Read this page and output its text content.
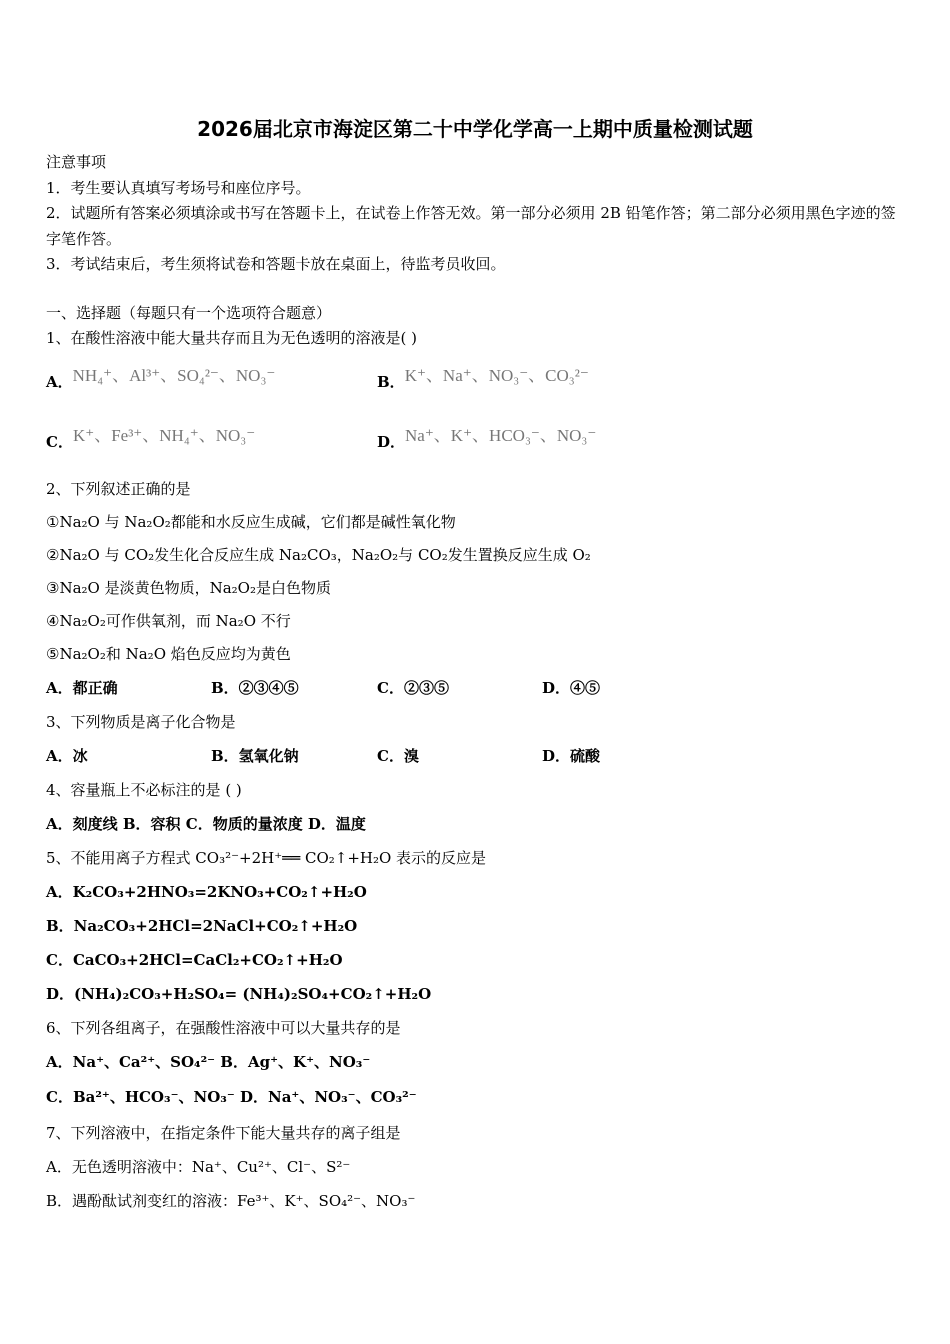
2026届北京市海淀区第二十中学化学高一上期中质量检测试题
注意事项
1．考生要认真填写考场号和座位序号。
2．试题所有答案必须填涂或书写在答题卡上，在试卷上作答无效。第一部分必须用 2B 铅笔作答；第二部分必须用黑色字迹的签字笔作答。
3．考试结束后，考生须将试卷和答题卡放在桌面上，待监考员收回。
一、选择题（每题只有一个选项符合题意）
1、在酸性溶液中能大量共存而且为无色透明的溶液是( )
A．NH₄⁺、Al³⁺、SO₄²⁻、NO₃⁻	B．K⁺、Na⁺、NO₃⁻、CO₃²⁻
C．K⁺、Fe³⁺、NH₄⁺、NO₃⁻	D．Na⁺、K⁺、HCO₃⁻、NO₃⁻
2、下列叙述正确的是
①Na₂O 与 Na₂O₂都能和水反应生成碱，它们都是碱性氧化物
②Na₂O 与 CO₂发生化合反应生成 Na₂CO₃，Na₂O₂与 CO₂发生置换反应生成 O₂
③Na₂O 是淡黄色物质，Na₂O₂是白色物质
④Na₂O₂可作供氧剂，而 Na₂O 不行
⑤Na₂O₂和 Na₂O 焰色反应均为黄色
A．都正确	B．②③④⑤	C．②③⑤	D．④⑤
3、下列物质是离子化合物是
A．冰	B．氢氧化钠	C．溴	D．硫酸
4、容量瓶上不必标注的是 ( )
A．刻度线 B．容积 C．物质的量浓度 D．温度
5、不能用离子方程式 CO₃²⁻+2H⁺══ CO₂↑+H₂O 表示的反应是
A．K₂CO₃+2HNO₃=2KNO₃+CO₂↑+H₂O
B．Na₂CO₃+2HCl=2NaCl+CO₂↑+H₂O
C．CaCO₃+2HCl=CaCl₂+CO₂↑+H₂O
D．(NH₄)₂CO₃+H₂SO₄= (NH₄)₂SO₄+CO₂↑+H₂O
6、下列各组离子，在强酸性溶液中可以大量共存的是
A．Na⁺、Ca²⁺、SO₄²⁻ B．Ag⁺、K⁺、NO₃⁻
C．Ba²⁺、HCO₃⁻、NO₃⁻ D．Na⁺、NO₃⁻、CO₃²⁻
7、下列溶液中，在指定条件下能大量共存的离子组是
A．无色透明溶液中：Na⁺、Cu²⁺、Cl⁻、S²⁻
B．遇酚酞试剂变红的溶液：Fe³⁺、K⁺、SO₄²⁻、NO₃⁻
